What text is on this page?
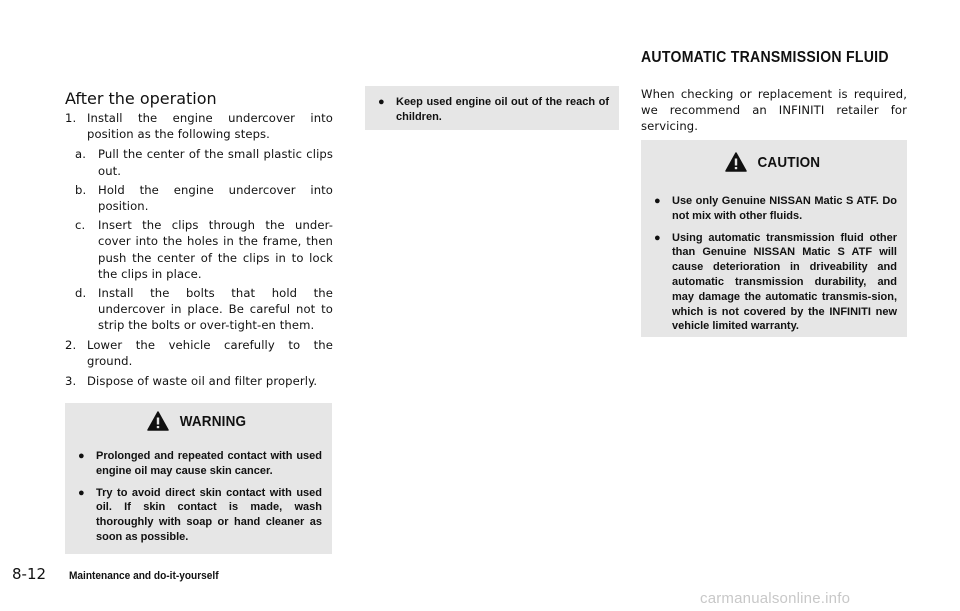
After the operation
1. Install the engine undercover into position as the following steps.
a. Pull the center of the small plastic clips out.
b. Hold the engine undercover into position.
c. Insert the clips through the under-cover into the holes in the frame, then push the center of the clips in to lock the clips in place.
d. Install the bolts that hold the undercover in place. Be careful not to strip the bolts or over-tight-en them.
2. Lower the vehicle carefully to the ground.
3. Dispose of waste oil and filter properly.
WARNING
● Prolonged and repeated contact with used engine oil may cause skin cancer.
● Try to avoid direct skin contact with used oil. If skin contact is made, wash thoroughly with soap or hand cleaner as soon as possible.
● Keep used engine oil out of the reach of children.
AUTOMATIC TRANSMISSION FLUID
When checking or replacement is required, we recommend an INFINITI retailer for servicing.
CAUTION
● Use only Genuine NISSAN Matic S ATF. Do not mix with other fluids.
● Using automatic transmission fluid other than Genuine NISSAN Matic S ATF will cause deterioration in driveability and automatic transmission durability, and may damage the automatic transmis-sion, which is not covered by the INFINITI new vehicle limited warranty.
8-12 Maintenance and do-it-yourself
carmanualsonline.info
